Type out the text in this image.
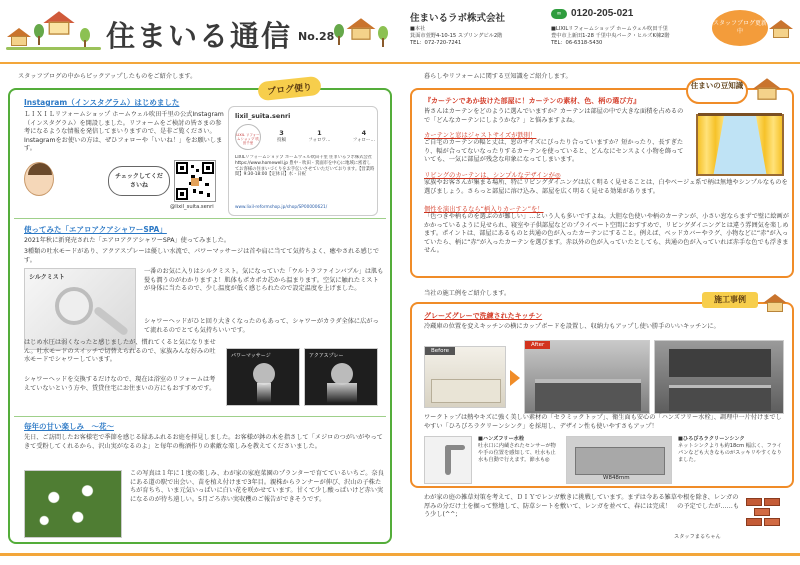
住まいる通信 No.28
住まいるラボ株式会社
■本社
箕面市萱野4-10-15 スプリングビル2階
TEL：072-720-7241
∞ 0120-205-021
■LIXILリフォームショップ ホームウェル吹田千里
豊中市上新田1-28 千里中央パーク・ヒルズK棟2階
TEL：06-6318-5430
スタッフブログ更新中
スタッフブログの中からピックアップしたものをご紹介します。
ブログ便り
Instagram（インスタグラム）はじめました
ＬＩＸＩＬリフォームショップ ホームウェル吹田千里の公式Instagram（インスタグラム）を開設しました。リフォームをご検討の皆さまの参考になるような情報を発信してまいりますので、是非ご覧ください。Instagramをお使いの方は、ぜひフォローや「いいね！」をお願いします。
チェックしてくださいね
@lixil_suita.senri
lixil_suita.senri
LIXIL リフォームショップ 吹田千里
3
投稿
1
フォロワ…
4
フォロー…
LIXILリフォームショップ ホームウェル吹田千里 住まいるラボ株式会社 https://www.homewell.jp 豊中・吹田・箕面市を中心に地域に密着してお客様の住まいづくりをお手伝いさせていただいております。【営業時間】9:30-18:00【定休日】水・日祝
www.lixil-reformshop.jp/shop/SP00000621/
使ってみた「エアロアクアシャワーSPA」
2021年秋に新発売された「エアロアクアシャワーSPA」使ってみました。
3種類の吐水モードがあり、アクアスプレーは優しい水流で、パワーマッサージは首や肩に当てて気持ちよく、癒やされる感じです。
シルクミスト
一番のお気に入りはシルクミスト。気になっていた「ウルトラファインバブル」は肌も髪も潤うのがわかりますよ！肌体もポカポカ芯から温まります。空気に触れたミストが身体に当たるので、少し温度が低く感じられたので設定温度を上げました。
シャワーヘッドがひと回り大きくなったのもあって、シャワーがカラダ全体に広がって流れるのでとても気持ちいいです。
はじめ水圧は弱くなったと感じましたが、慣れてくると気になりません。吐水モードのスイッチで切替えられるので、家族みんな好みの吐水モードでシャワーしています。
パワーマッサージ	アクアスプレー
シャワーヘッドを交換するだけなので、現在は浴室のリフォームは考えていないという方や、賃貸住宅にお住まいの方にもおすすめです。
毎年の甘い楽しみ　～花～
先日、ご訪問したお客様宅で季節を感じる緑あふれるお庭を拝見しました。お客様が鉢の木を指さして「メジロのつがいがやってきて受粉してくれるから、沢山実がなるのよ」と毎年の梅酒作りの素敵な楽しみを教えてくださいました。
この写真は１年に１度の楽しみ、わが家の家庭菜園のプランターで育てているいちご。奈良にある道の駅で出会い、苗を植え付けまで3年目。親株からランナーが伸び、沢山の子株たちが育ちち、いま元気いっぱいに白い花を咲かせています。甘くて少し酸っぱいけど赤い実になるのが待ち遠しい。5月ごろ赤い実収穫のご報告ができそうです。
暮らしやリフォームに関する豆知識をご紹介します。
住まいの豆知識
『カーテンであか抜けた部屋に！カーテンの素材、色、柄の選び方』
皆さんはカーテンをどのように選んでいますか？カーテンは部屋の中で大きな面積を占めるので「どんなカーテンにしようかな？」と悩みますよね。
カーテンと窓はジャストサイズが鉄則！
ご自宅のカーテンの幅と丈は、窓のサイズにぴったり合っていますか？短かったり、長すぎたり、幅が合ってないなったりするカーテンを使っていると、どんなにセンスよく小物を飾っていても、一気に部屋が残念な印象になってしまいます。
リビングのカーテンは、シンプルなデザインが◎
家族やお客さんが集まる場所、特にリビングダイニングは広く明るく見せることは、白やベージュ系で柄は無地やシンプルなものを選びましょう。さらっと部屋に溶け込み、部屋を広く明るく見せる効果があります。
個性を演出するなら“柄入りカーテン”を！
「色つきや柄ものを選ぶのが難しい」…という人も多いですよね。大胆な色使いや柄のカーテンが、小さい窓ならまずで壁に絵画がかかっているように見せられ、寝室や子供部屋などのプライベート空間におすすめで、リビングダイニングとは違う雰囲気を楽しめます。ポイントは、部屋にあるものと共通の色が入ったカーテンにすること。例えば、ベッドカバーやラグ、小物などに“赤”が入っていたら、柄に“赤”が入ったカーテンを選びます。赤以外の色が入っていたとしても、共通の色が入っていれば赤手な色でも浮きません。
当社の施工例をご紹介します。
施工事例
グレーズグレーで洗練されたキッチン
冷蔵庫の位置を変えキッチンの横にカップボードを設置し、収納力もアップし使い勝手のいいキッチンに。
Before
After
ワークトップは熱やキズに強く美しい素材の「セラミックトップ」、衛生面も安心の「ハンズフリー水栓」、調理中一片付けまでしやすい「ひろびろラクリーンシンク」を採用し、デザイン性も使いやすさもアップ！
■ハンズフリー水栓
吐水口に内蔵されたセンサーが物や手の位置を感知して、吐水も止水も自動で行えます。節水も◎
W848mm
■ひろびろラクリーンシンク
ネットシンクよりも約18cm 幅広く、フライパンなども大きなものがスッキリやすくなりました。
わが家の庭の雑草対策を考えて、ＤＩＹでレンガ敷きに挑戦しています。まずは今ある雑草や根を除き、レンガの厚みの分だけ土を掘って整地して、防草シートを敷いて、レンガを並べて、春には完成！　の予定でしたが……もう少し(^^;
スタッフまるちゃん
